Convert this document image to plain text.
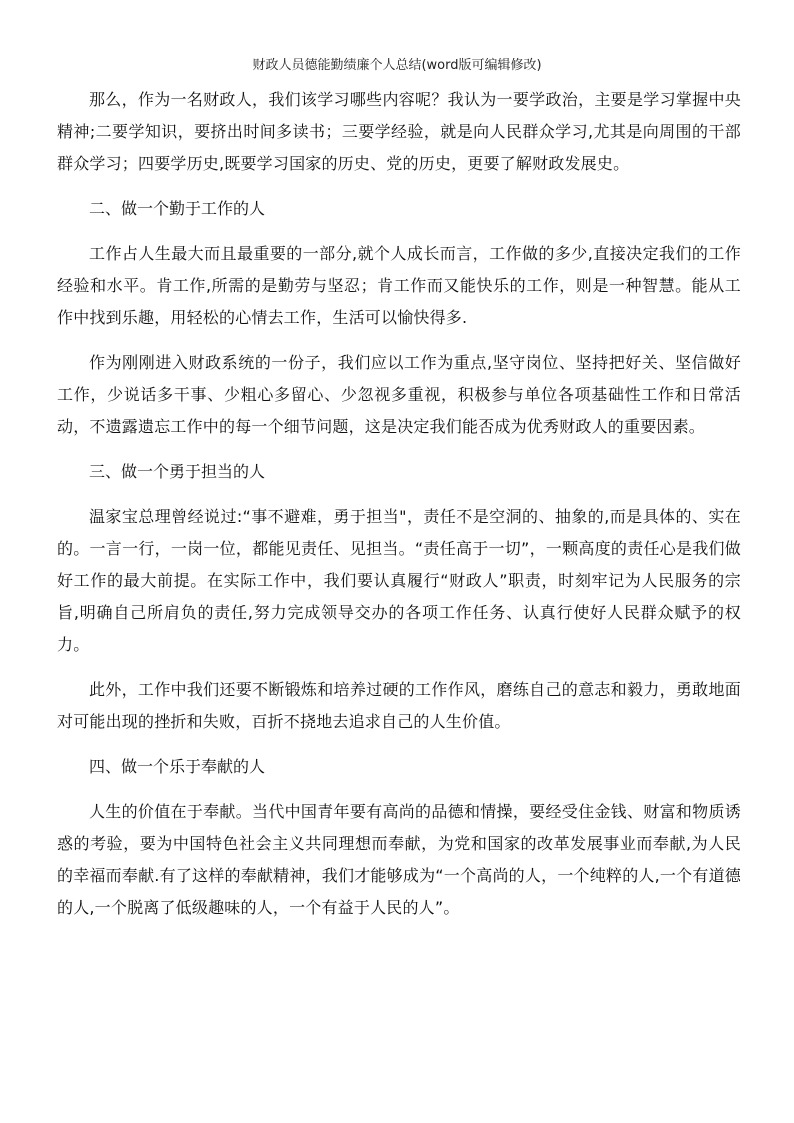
财政人员德能勤绩廉个人总结(word版可编辑修改)

那么，作为一名财政人，我们该学习哪些内容呢？我认为一要学政治，主要是学习掌握中央精神;二要学知识，要挤出时间多读书；三要学经验，就是向人民群众学习,尤其是向周围的干部群众学习；四要学历史,既要学习国家的历史、党的历史，更要了解财政发展史。

二、做一个勤于工作的人

工作占人生最大而且最重要的一部分,就个人成长而言，工作做的多少,直接决定我们的工作经验和水平。肯工作,所需的是勤劳与坚忍；肯工作而又能快乐的工作，则是一种智慧。能从工作中找到乐趣，用轻松的心情去工作，生活可以愉快得多.

作为刚刚进入财政系统的一份子，我们应以工作为重点,坚守岗位、坚持把好关、坚信做好工作，少说话多干事、少粗心多留心、少忽视多重视，积极参与单位各项基础性工作和日常活动，不遗露遗忘工作中的每一个细节问题，这是决定我们能否成为优秀财政人的重要因素。

三、做一个勇于担当的人

温家宝总理曾经说过:“事不避难，勇于担当"，责任不是空洞的、抽象的,而是具体的、实在的。一言一行，一岗一位，都能见责任、见担当。“责任高于一切”，一颗高度的责任心是我们做好工作的最大前提。在实际工作中，我们要认真履行“财政人”职责，时刻牢记为人民服务的宗旨,明确自己所肩负的责任,努力完成领导交办的各项工作任务、认真行使好人民群众赋予的权力。

此外，工作中我们还要不断锻炼和培养过硬的工作作风，磨练自己的意志和毅力，勇敢地面对可能出现的挫折和失败，百折不挠地去追求自己的人生价值。

四、做一个乐于奉献的人

人生的价值在于奉献。当代中国青年要有高尚的品德和情操，要经受住金钱、财富和物质诱惑的考验，要为中国特色社会主义共同理想而奉献，为党和国家的改革发展事业而奉献,为人民的幸福而奉献.有了这样的奉献精神，我们才能够成为“一个高尚的人，一个纯粹的人,一个有道德的人,一个脱离了低级趣味的人，一个有益于人民的人”。
